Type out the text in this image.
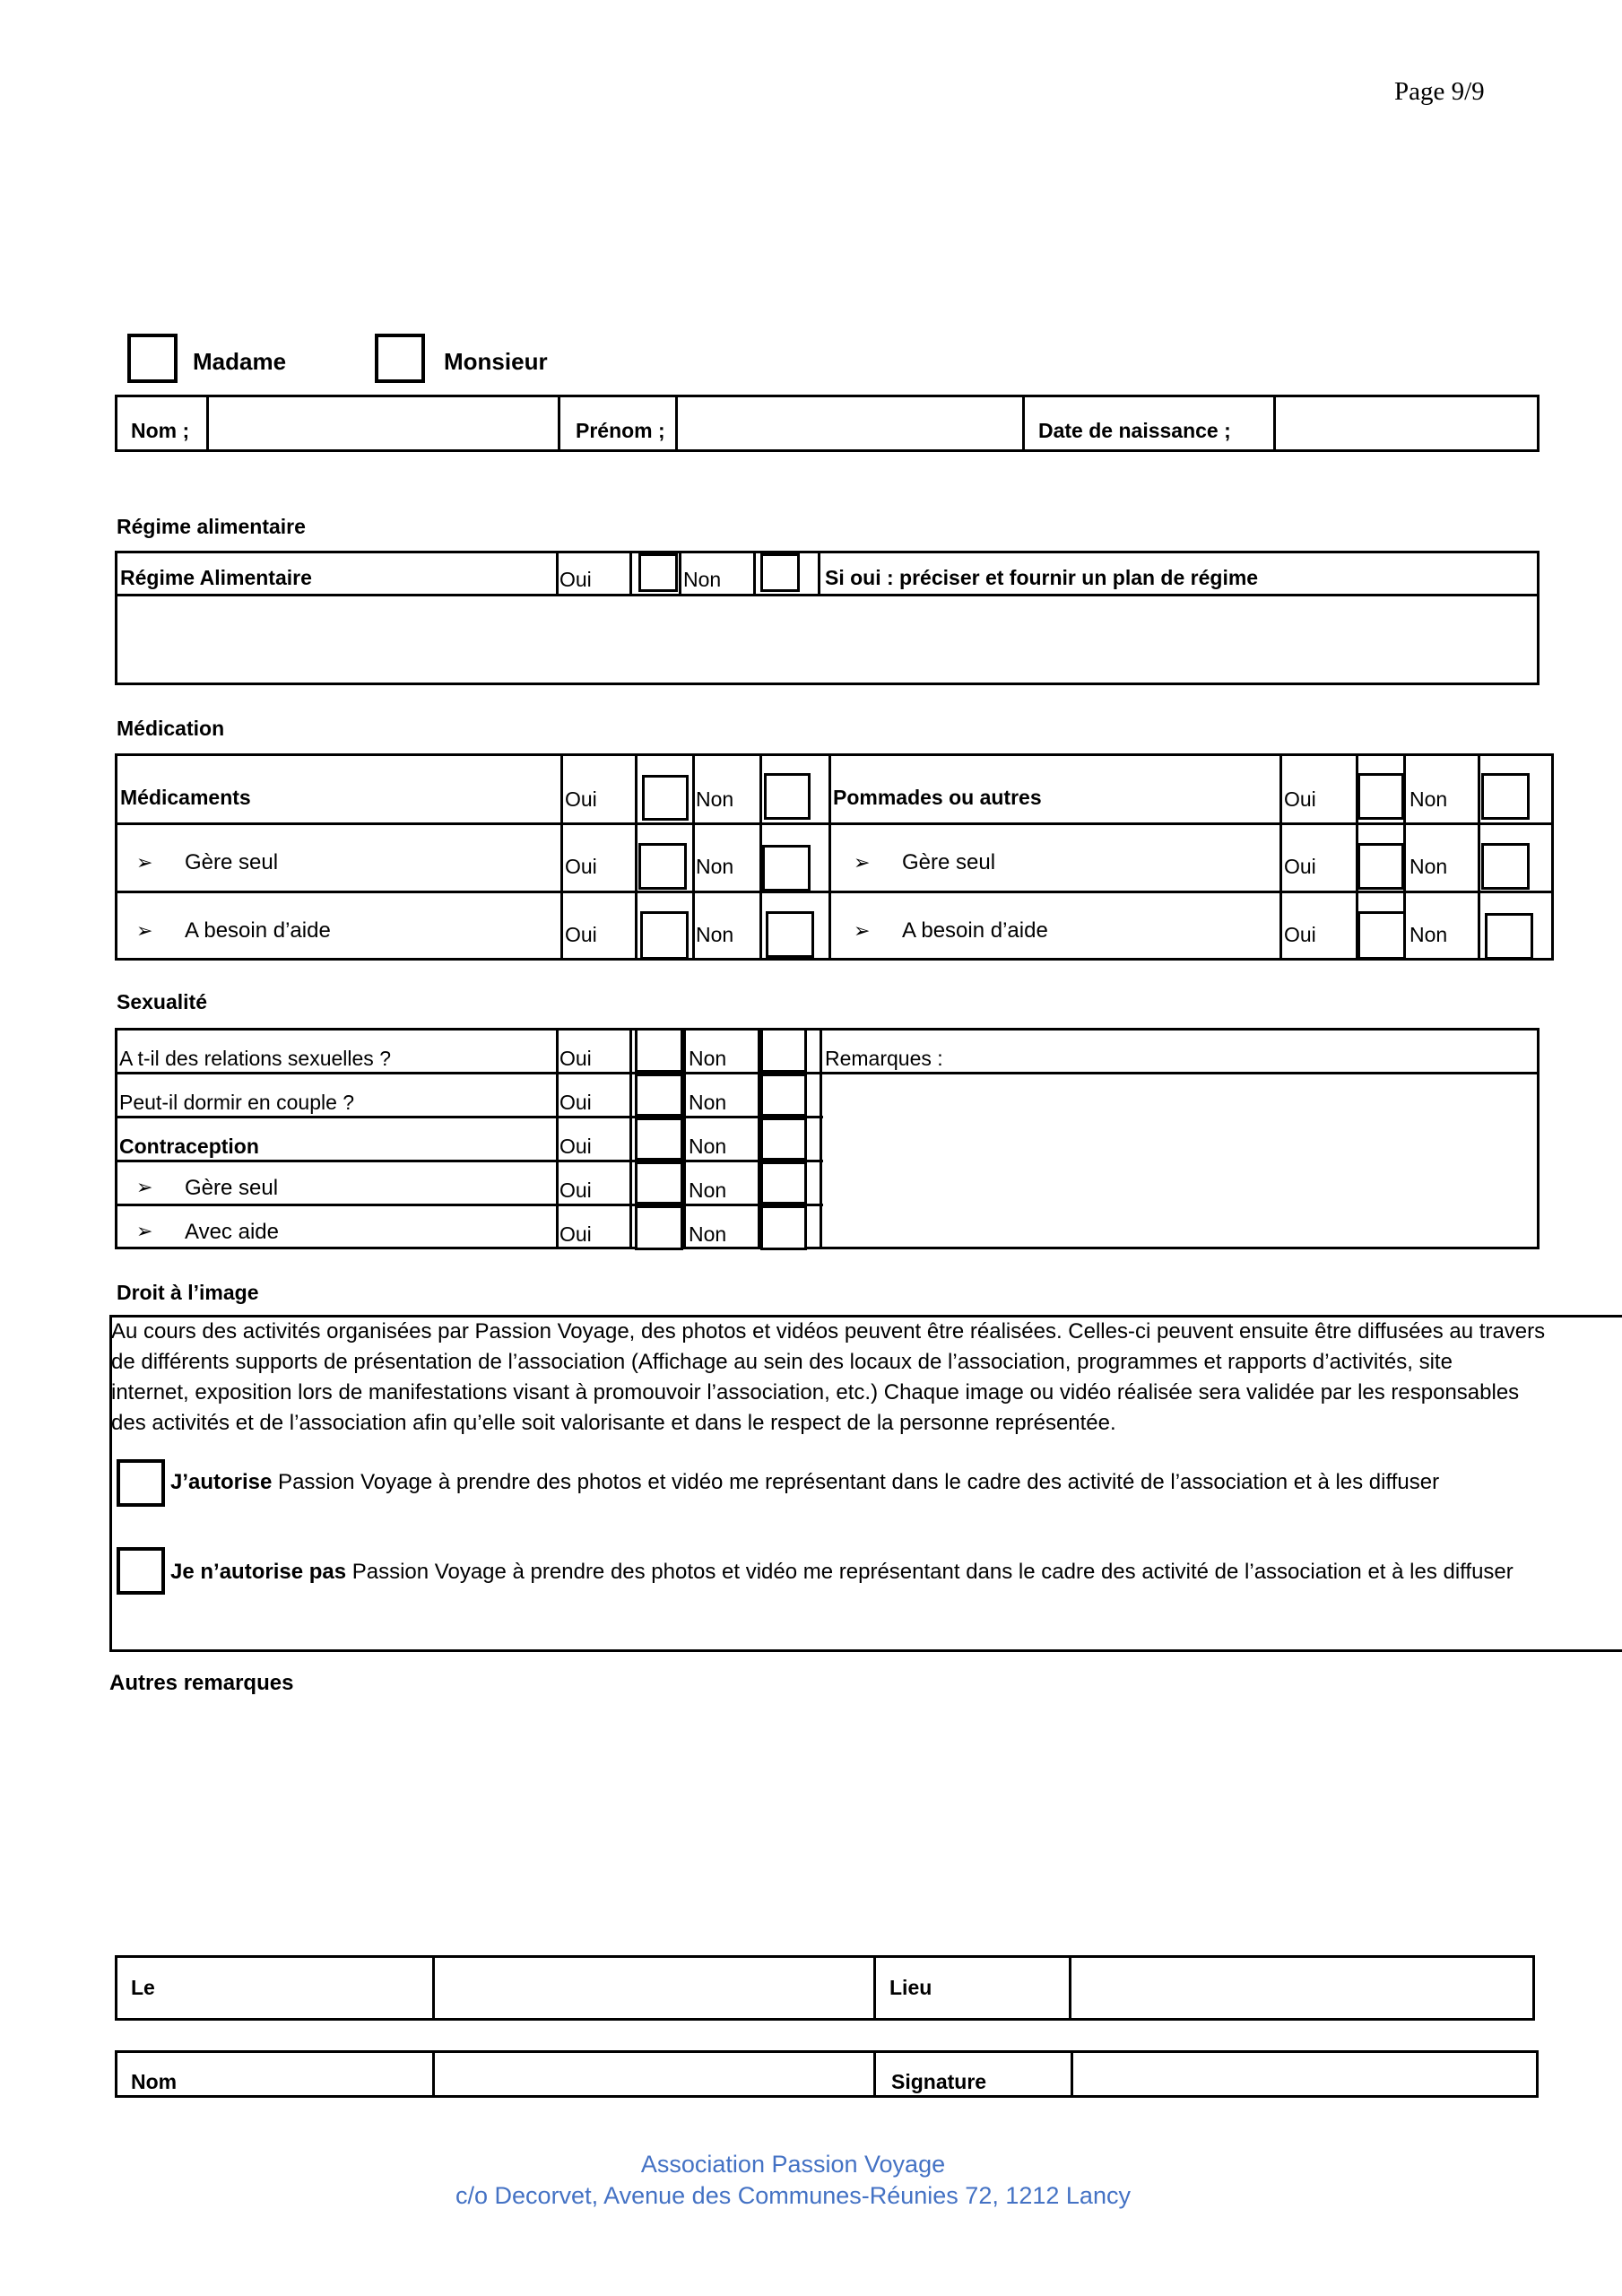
Page 9/9
Madame	Monsieur
Nom ;	Prénom ;	Date de naissance ;
Régime alimentaire
Régime Alimentaire	Oui	Non	Si oui : préciser et fournir un plan de régime
Médication
Médicaments	Oui	Non	Pommades ou autres	Oui	Non
➢ Gère seul	Oui	Non	➢ Gère seul	Oui	Non
➢ A besoin d’aide	Oui	Non	➢ A besoin d’aide	Oui	Non
Sexualité
A t-il des relations sexuelles ?	Oui	Non	Remarques :
Peut-il dormir en couple ?	Oui	Non
Contraception	Oui	Non
➢ Gère seul	Oui	Non
➢ Avec aide	Oui	Non
Droit à l’image
Au cours des activités organisées par Passion Voyage, des photos et vidéos peuvent être réalisées. Celles-ci peuvent ensuite être diffusées au travers
de différents supports de présentation de l’association (Affichage au sein des locaux de l’association, programmes et rapports d’activités, site
internet, exposition lors de manifestations visant à promouvoir l’association, etc.) Chaque image ou vidéo réalisée sera validée par les responsables
des activités et de l’association afin qu’elle soit valorisante et dans le respect de la personne représentée.
J’autorise Passion Voyage à prendre des photos et vidéo me représentant dans le cadre des activité de l’association et à les diffuser
Je n’autorise pas Passion Voyage à prendre des photos et vidéo me représentant dans le cadre des activité de l’association et à les diffuser
Autres remarques
Le	Lieu
Nom	Signature
Association Passion Voyage
c/o Decorvet, Avenue des Communes-Réunies 72, 1212 Lancy
